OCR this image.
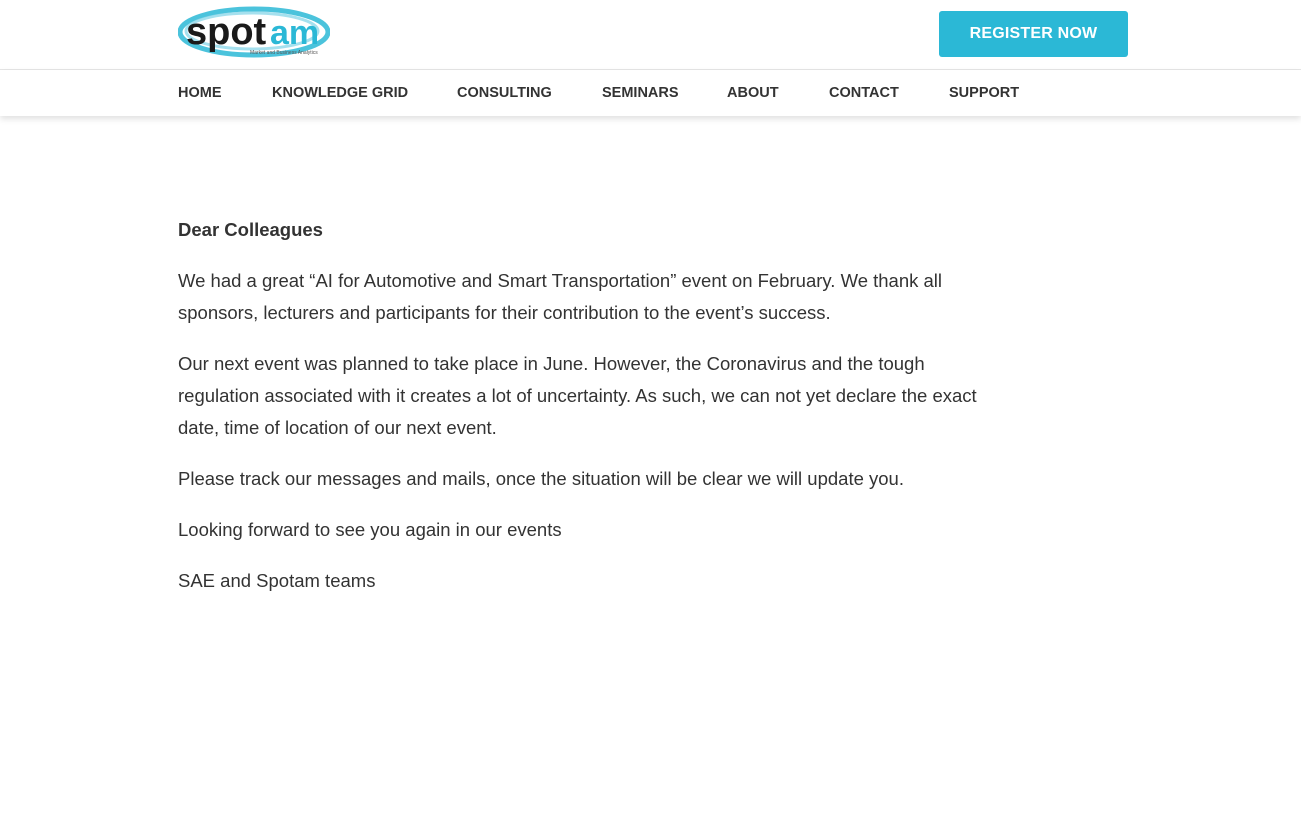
spot am
Market and Business Analytics
REGISTER NOW
HOME	KNOWLEDGE GRID	CONSULTING	SEMINARS	ABOUT	CONTACT	SUPPORT

Dear Colleagues

We had a great “AI for Automotive and Smart Transportation” event on February. We thank all sponsors, lecturers and participants for their contribution to the event’s success.

Our next event was planned to take place in June. However, the Coronavirus and the tough regulation associated with it creates a lot of uncertainty. As such, we can not yet declare the exact date, time of location of our next event.

Please track our messages and mails, once the situation will be clear we will update you.

Looking forward to see you again in our events

SAE and Spotam teams
